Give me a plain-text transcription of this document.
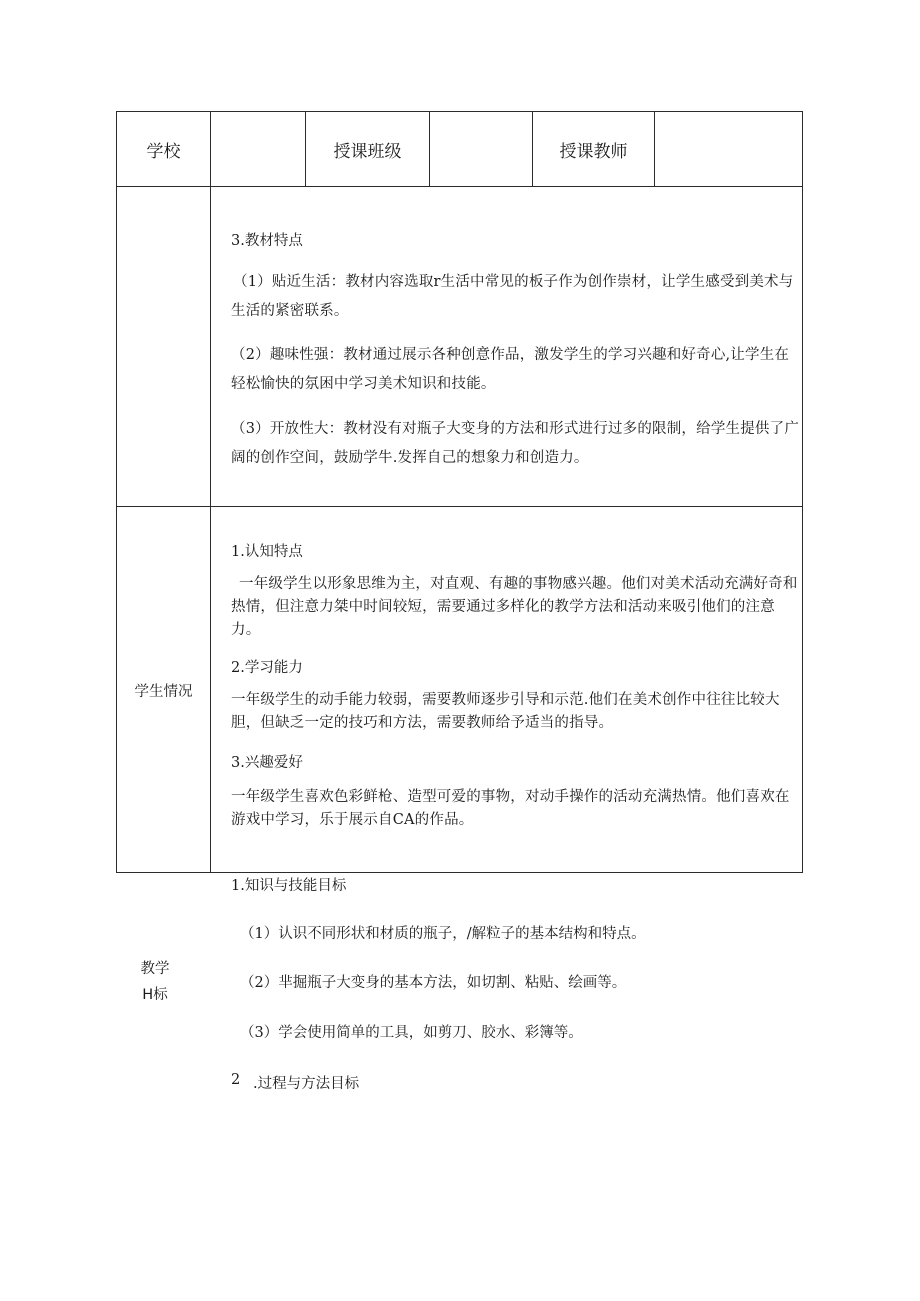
学校	授课班级	授课教师
3.教材特点
（1）贴近生活：教材内容选取r生活中常见的板子作为创作崇材，让学生感受到美术与生活的紧密联系。
（2）趣味性强：教材通过展示各种创意作品，激发学生的学习兴趣和好奇心,让学生在轻松愉快的氛困中学习美术知识和技能。
（3）开放性大：教材没有对瓶子大变身的方法和形式进行过多的限制，给学生提供了广阔的创作空间，鼓励学牛.发挥自己的想象力和创造力。
学生情况
1.认知特点
一年级学生以形象思维为主，对直观、有趣的事物感兴趣。他们对美术活动充满好奇和热情，但注意力桀中时间较短，需要通过多样化的教学方法和活动来吸引他们的注意力。
2.学习能力
一年级学生的动手能力较弱，需要教师逐步引导和示范.他们在美术创作中往往比较大胆，但缺乏一定的技巧和方法，需要教师给予适当的指导。
3.兴趣爱好
一年级学生喜欢色彩鲜枪、造型可爱的事物，对动手操作的活动充满热情。他们喜欢在游戏中学习，乐于展示自CA的作品。
教学
H标
1.知识与技能目标
（1）认识不同形状和材质的瓶子，/解粒子的基本结构和特点。
（2）芈掘瓶子大变身的基本方法，如切割、粘贴、绘画等。
（3）学会使用简单的工具，如剪刀、胶水、彩簿等。
2 .过程与方法目标
